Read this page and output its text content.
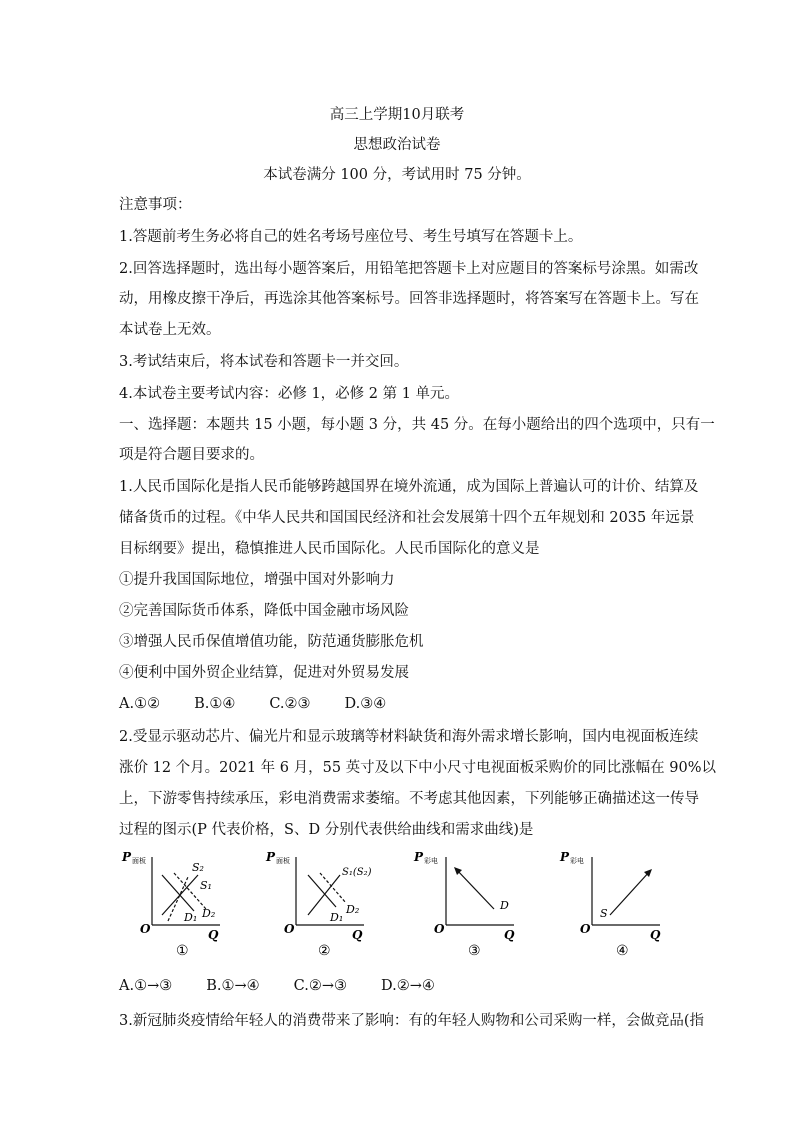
高三上学期10月联考
思想政治试卷
本试卷满分 100 分，考试用时 75 分钟。
注意事项：
1.答题前考生务必将自己的姓名考场号座位号、考生号填写在答题卡上。
2.回答选择题时，选出每小题答案后，用铅笔把答题卡上对应题目的答案标号涂黑。如需改
动，用橡皮擦干净后，再选涂其他答案标号。回答非选择题时，将答案写在答题卡上。写在
本试卷上无效。
3.考试结束后，将本试卷和答题卡一并交回。
4.本试卷主要考试内容：必修 1，必修 2 第 1 单元。
一、选择题：本题共 15 小题，每小题 3 分，共 45 分。在每小题给出的四个选项中，只有一
项是符合题目要求的。
1.人民币国际化是指人民币能够跨越国界在境外流通，成为国际上普遍认可的计价、结算及
储备货币的过程。《中华人民共和国国民经济和社会发展第十四个五年规划和 2035 年远景
目标纲要》提出，稳慎推进人民币国际化。人民币国际化的意义是
①提升我国国际地位，增强中国对外影响力
②完善国际货币体系，降低中国金融市场风险
③增强人民币保值增值功能，防范通货膨胀危机
④便利中国外贸企业结算，促进对外贸易发展
A.①② B.①④ C.②③ D.③④
2.受显示驱动芯片、偏光片和显示玻璃等材料缺货和海外需求增长影响，国内电视面板连续
涨价 12 个月。2021 年 6 月，55 英寸及以下中小尺寸电视面板采购价的同比涨幅在 90%以
上，下游零售持续承压，彩电消费需求萎缩。不考虑其他因素，下列能够正确描述这一传导
过程的图示(P 代表价格，S、D 分别代表供给曲线和需求曲线)是
P 面板
O	Q
S₂
S₁
D₁ D₂
①
P 面板
O	Q
S₁(S₂)
D₂
D₁
②
P 彩电
O	Q
D
③
P 彩电
O	Q
S
④
A.①→③ B.①→④ C.②→③ D.②→④
3.新冠肺炎疫情给年轻人的消费带来了影响：有的年轻人购物和公司采购一样，会做竞品(指
